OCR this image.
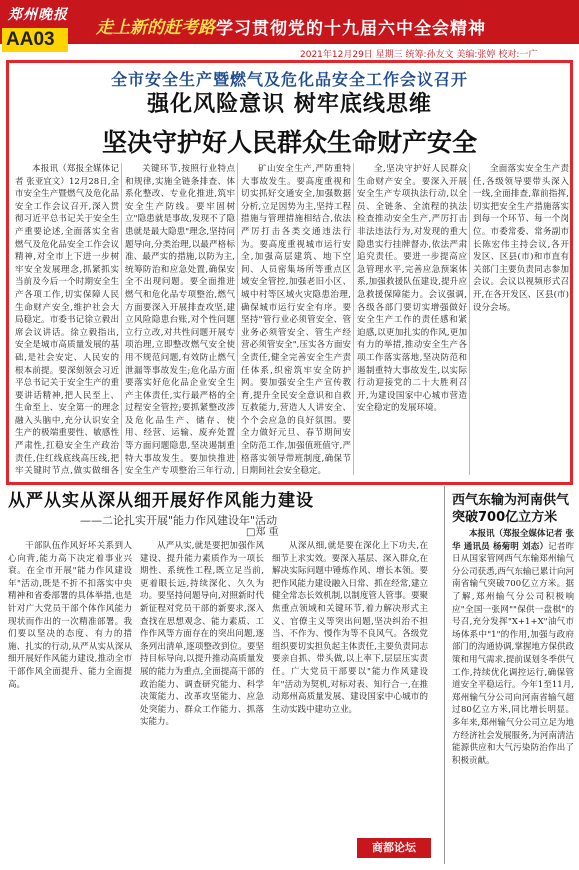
郑州晚报
走上新的赶考路 学习贯彻党的十九届六中全会精神
AA03
2021年12月29日 星期三 统筹:孙友文 美编:张婷 校对:一广
全市安全生产暨燃气及危化品安全工作会议召开
强化风险意识 树牢底线思维
坚决守护好人民群众生命财产安全

本报讯（郑报全媒体记者 张亚宜文）12月28日,全市安全生产暨燃气及危化品安全工作会议召开,深入贯彻习近平总书记关于安全生产重要论述,全面落实全省燃气及危化品安全工作会议精神,对全市上下进一步树牢安全发展理念,抓紧抓实当前及今后一个时期安全生产各项工作,切实保障人民生命财产安全,维护社会大局稳定。市委书记徐立毅出席会议讲话。徐立毅指出,安全是城市高质量发展的基础,是社会安定、人民安的根本前提。要深刻领会习近平总书记关于安全生产的重要讲话精神,把人民至上、生命至上、安全第一的理念融入头脑中,充分认识安全生产的极端重要性、敏感性严肃性,扛稳安全生产政治责任,住红线底线高压线,把牢关键时节点,做实做细各

关键环节,按照行业特点和规律,实施全链条排查、体系化整改、专业化推进,筑牢安全生产防线。要牢固树立"隐患就是事故,发现不了隐患就是最大隐患"理念,坚持问题导向,分类治理,以最严格标准、最严实的措施,以防为主,统筹防治和应急处置,确保安全不出现问题。要全面推进燃气和危化品专项整治,燃气方面要深入开展排查攻坚,建立风险隐患台账,对个性问题立行立改,对共性问题开展专项治理,立即整改燃气安全使用不规范问题,有效防止燃气泄漏等事故发生;危化品方面要落实好危化品企业安全生产主体责任,实行最严格的全过程安全管控;要抓紧整改涉及危化品生产、储存、使用、经营、运输、废弃处置等方面问题隐患,坚决遏制重特大事故发生。要加快推进安全生产专项整治三年行动,

矿山安全生产,严防重特大事故发生。要高度重视和切实抓好交通安全,加强数据分析,立足因势为主,坚持工程措施与管理措施相结合,依法严厉打击各类交通违法行为。要高度重视城市运行安全,加强高层建筑、地下空间、人员密集场所等重点区域安全管控,加强老旧小区、城中村等区域火灾隐患治理,确保城市运行安全有序。要坚持"管行业必须管安全、管业务必须管安全、管生产经营必须管安全",压实各方面安全责任,健全完善安全生产责任体系,织密筑牢安全防护网。要加强安全生产宣传教育,提升全民安全意识和自救互救能力,营造人人讲安全、个个会应急的良好氛围。要全力做好元旦、春节期间安全防范工作,加强值班值守,严格落实领导带班制度,确保节日期间社会安全稳定。

全,坚决守护好人民群众生命财产安全。要深入开展安全生产专项执法行动,以全员、全链条、全流程的执法检查推动安全生产,严厉打击非法违法行为,对发现的重大隐患实行挂牌督办,依法严肃追究责任。要进一步提高应急管理水平,完善应急预案体系,加强救援队伍建设,提升应急救援保障能力。会议强调,各级各部门要切实增强做好安全生产工作的责任感和紧迫感,以更加扎实的作风,更加有力的举措,推动安全生产各项工作落实落地,坚决防范和遏制重特大事故发生,以实际行动迎接党的二十大胜利召开,为建设国家中心城市营造安全稳定的发展环境。

全面落实安全生产责任,各级领导要带头深入一线,全面排查,靠前指挥,切实把安全生产措施落实到每一个环节、每一个岗位。市委常委、常务副市长陈宏伟主持会议,各开发区、区县(市)和市直有关部门主要负责同志参加会议。会议以视频形式召开,在各开发区、区县(市)设分会场。

从严从实从深从细开展好作风能力建设
——二论扎实开展"能力作风建设年"活动
□郑 重

干部队伍作风好坏关系到人心向背,能力高下决定着事业兴衰。在全市开展"能力作风建设年"活动,既是不折不扣落实中央精神和省委部署的具体举措,也是针对广大党员干部个体作风能力现状而作出的一次精准部署。我们要以坚决的态度、有力的措施、扎实的行动,从严从实从深从细开展好作风能力建设,推动全市干部作风全面提升、能力全面提高。

从严从实,就是要把加强作风建设、提升能力素质作为一项长期性、系统性工程,既立足当前,更着眼长远,持续深化、久久为功。要坚持问题导向,对照新时代新征程对党员干部的新要求,深入查找在思想观念、能力素质、工作作风等方面存在的突出问题,逐条列出清单,逐项整改到位。要坚持目标导向,以提升推动高质量发展的能力为重点,全面提高干部的政治能力、调查研究能力、科学决策能力、改革攻坚能力、应急处突能力、群众工作能力、抓落实能力。

从深从细,就是要在深化上下功夫,在细节上求实效。要深入基层、深入群众,在解决实际问题中锤炼作风、增长本领。要把作风能力建设融入日常、抓在经常,建立健全常态长效机制,以制度管人管事。要聚焦重点领域和关键环节,着力解决形式主义、官僚主义等突出问题,坚决纠治不担当、不作为、慢作为等不良风气。各级党组织要切实担负起主体责任,主要负责同志要亲自抓、带头做,以上率下,层层压实责任。广大党员干部要以"能力作风建设年"活动为契机,对标对表、知行合一,在推动郑州高质量发展、建设国家中心城市的生动实践中建功立业。

商都论坛
西气东输为河南供气突破700亿立方米

本报讯（郑报全媒体记者 张华 通讯员 杨菊明 刘态）记者昨日从国家管网西气东输郑州输气分公司获悉,西气东输已累计向河南省输气突破700亿立方米。据了解,郑州输气分公司积极响应"全国一张网""保供一盘棋"的号召,充分发挥"X+1+X"油气市场体系中"1"的作用,加强与政府部门的沟通协调,掌握地方保供政策和用气需求,提前谋划冬季供气工作,持续优化调控运行,确保管道安全平稳运行。今年1至11月,郑州输气分公司向河南省输气超过80亿立方米,同比增长明显。多年来,郑州输气分公司立足为地方经济社会发展服务,为河南清洁能源供应和大气污染防治作出了积极贡献。
